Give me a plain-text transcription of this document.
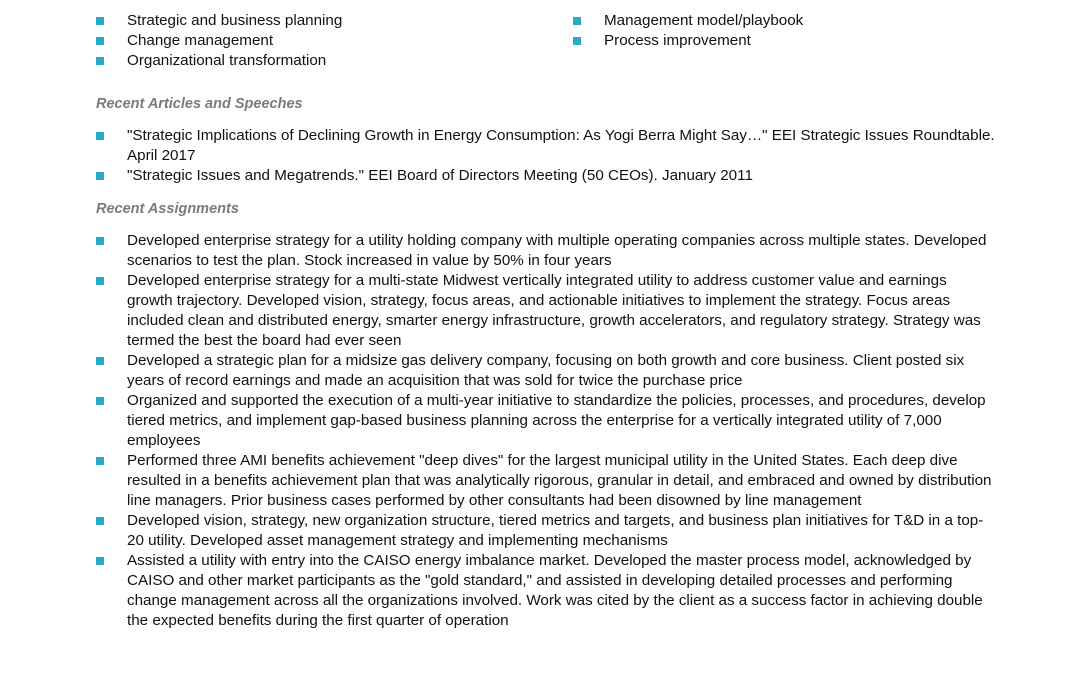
Strategic and business planning
Change management
Organizational transformation
Management model/playbook
Process improvement
Recent Articles and Speeches
"Strategic Implications of Declining Growth in Energy Consumption: As Yogi Berra Might Say…" EEI Strategic Issues Roundtable. April 2017
"Strategic Issues and Megatrends." EEI Board of Directors Meeting (50 CEOs). January 2011
Recent Assignments
Developed enterprise strategy for a utility holding company with multiple operating companies across multiple states. Developed scenarios to test the plan. Stock increased in value by 50% in four years
Developed enterprise strategy for a multi-state Midwest vertically integrated utility to address customer value and earnings growth trajectory. Developed vision, strategy, focus areas, and actionable initiatives to implement the strategy. Focus areas included clean and distributed energy, smarter energy infrastructure, growth accelerators, and regulatory strategy. Strategy was termed the best the board had ever seen
Developed a strategic plan for a midsize gas delivery company, focusing on both growth and core business. Client posted six years of record earnings and made an acquisition that was sold for twice the purchase price
Organized and supported the execution of a multi-year initiative to standardize the policies, processes, and procedures, develop tiered metrics, and implement gap-based business planning across the enterprise for a vertically integrated utility of 7,000 employees
Performed three AMI benefits achievement "deep dives" for the largest municipal utility in the United States. Each deep dive resulted in a benefits achievement plan that was analytically rigorous, granular in detail, and embraced and owned by distribution line managers. Prior business cases performed by other consultants had been disowned by line management
Developed vision, strategy, new organization structure, tiered metrics and targets, and business plan initiatives for T&D in a top-20 utility. Developed asset management strategy and implementing mechanisms
Assisted a utility with entry into the CAISO energy imbalance market. Developed the master process model, acknowledged by CAISO and other market participants as the "gold standard," and assisted in developing detailed processes and performing change management across all the organizations involved. Work was cited by the client as a success factor in achieving double the expected benefits during the first quarter of operation
